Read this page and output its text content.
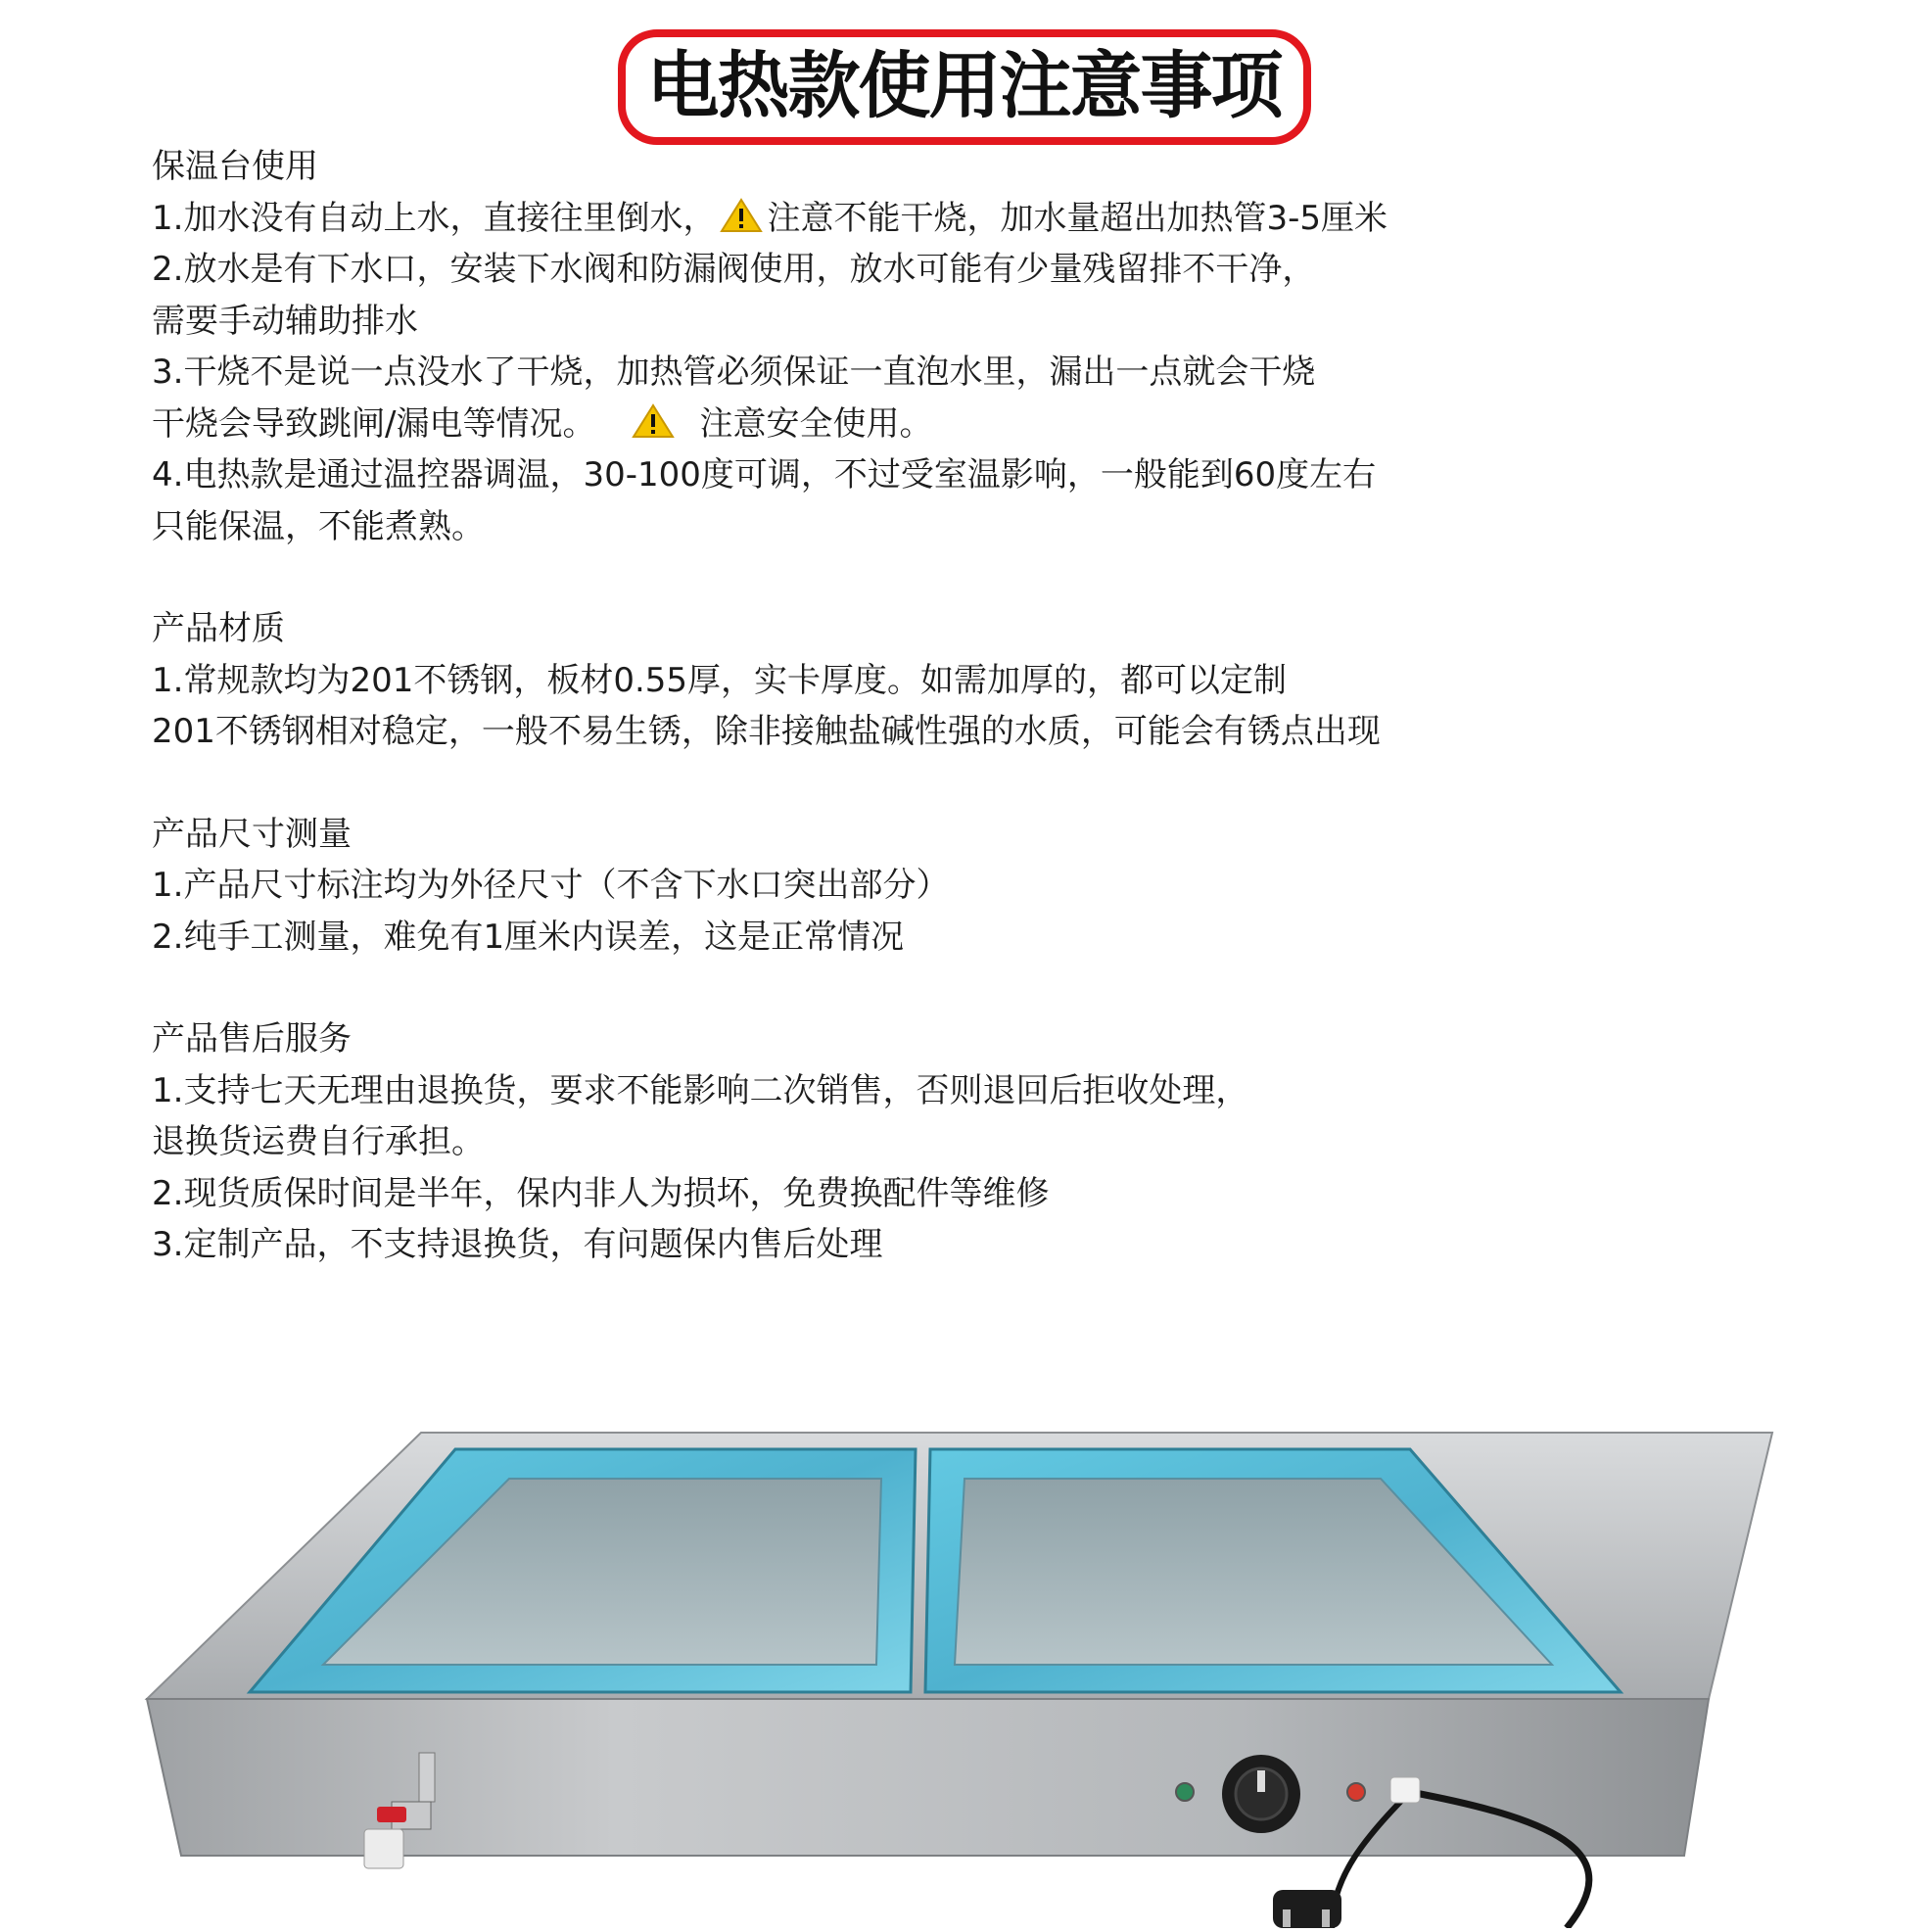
电热款使用注意事项
保温台使用
1.加水没有自动上水，直接往里倒水， 注意不能干烧，加水量超出加热管3-5厘米
2.放水是有下水口，安装下水阀和防漏阀使用，放水可能有少量残留排不干净，
需要手动辅助排水
3.干烧不是说一点没水了干烧，加热管必须保证一直泡水里，漏出一点就会干烧
干烧会导致跳闸/漏电等情况。	注意安全使用。
4.电热款是通过温控器调温，30-100度可调，不过受室温影响，一般能到60度左右
只能保温，不能煮熟。
产品材质
1.常规款均为201不锈钢，板材0.55厚，实卡厚度。如需加厚的，都可以定制
201不锈钢相对稳定，一般不易生锈，除非接触盐碱性强的水质，可能会有锈点出现
产品尺寸测量
1.产品尺寸标注均为外径尺寸（不含下水口突出部分）
2.纯手工测量，难免有1厘米内误差，这是正常情况
产品售后服务
1.支持七天无理由退换货，要求不能影响二次销售，否则退回后拒收处理，
退换货运费自行承担。
2.现货质保时间是半年，保内非人为损坏，免费换配件等维修
3.定制产品，不支持退换货，有问题保内售后处理
